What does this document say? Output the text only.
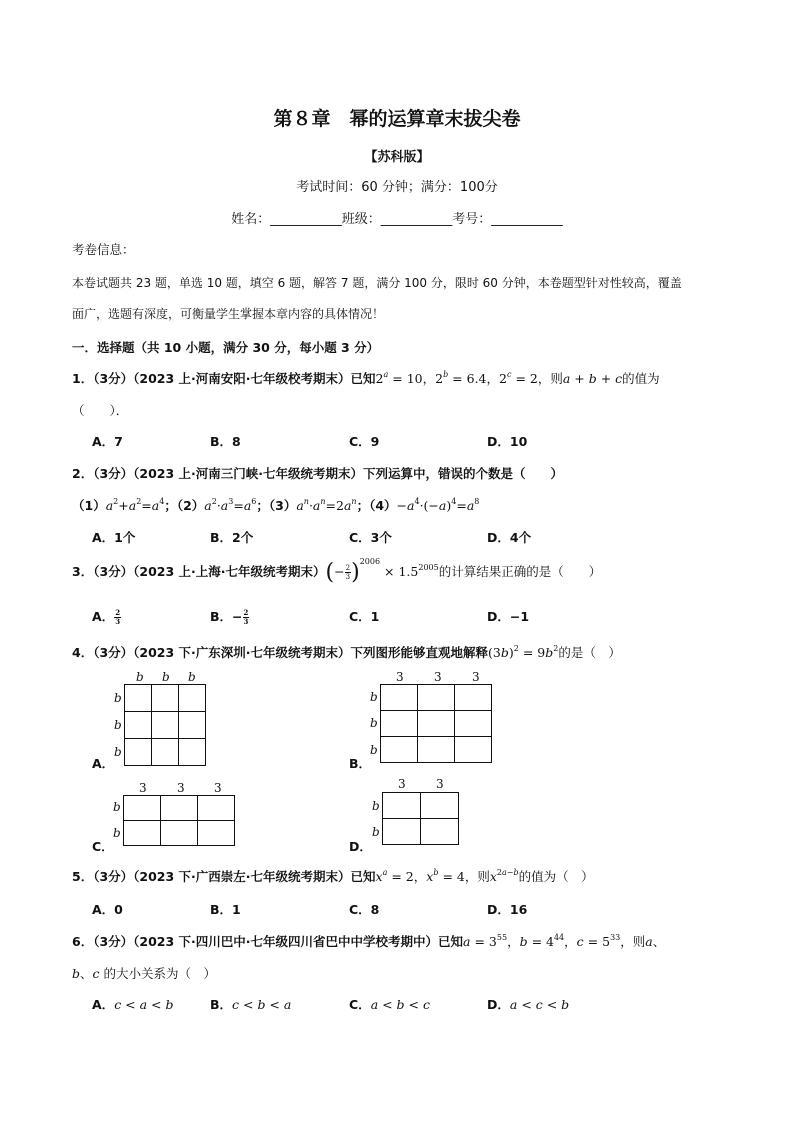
第８章　幂的运算章末拔尖卷
【苏科版】
考试时间：60 分钟；满分：100分
姓名：___________班级：___________考号：___________
考卷信息：
本卷试题共 23 题，单选 10 题，填空 6 题，解答 7 题，满分 100 分，限时 60 分钟，本卷题型针对性较高，覆盖
面广，选题有深度，可衡量学生掌握本章内容的具体情况！
一．选择题（共 10 小题，满分 30 分，每小题 3 分）
1．（3分）（2023 上·河南安阳·七年级校考期末）已知$2^a = 10$，$2^b = 6.4$，$2^c = 2$，则a + b + c的值为
（　　）．
A．7	B．8	C．9	D．10
2．（3分）（2023 上·河南三门峡·七年级统考期末）下列运算中，错误的个数是（　　）
$(1)a^2+a^2=a^4$；$(2)a^2\cdot a^3=a^6$；$(3)a^n\cdot a^n=2a^n$；$(4)-a^4\cdot(-a)^4=a^8$
A．1个	B．2个	C．3个	D．4个
3．（3分）（2023 上·上海·七年级统考期末）(− $\frac{2}{3})^{2006} \times 1.5^{2005}$的计算结果正确的是（　　）
A． $\frac{2}{3}$	B．− $\frac{2}{3}$	C．1	D．−1
4．（3分）（2023 下·广东深圳·七年级统考期末）下列图形能够直观地解释$(3b)^2 = 9b^2$的是（　）
b b b
b
b
b

A．
3	3	3
b
b
b

B．
3	3 3
b
b

C．
3	3
b
b

D．
5．（3分）（2023 下·广西崇左·七年级统考期末）已知$x^a = 2$，$x^b = 4$，则$x^{2a-b}$的值为（　）
A．0	B．1	C．8	D．16
6．（3分）（2023 下·四川巴中·七年级四川省巴中中学校考期中）已知$a = 3^{55}$，$b = 4^{44}$，$c = 5^{33}$，则a、
b、c 的大小关系为（　）
A．c < a < b	B．c < b < a	C．a < b < c	D．a < c < b
